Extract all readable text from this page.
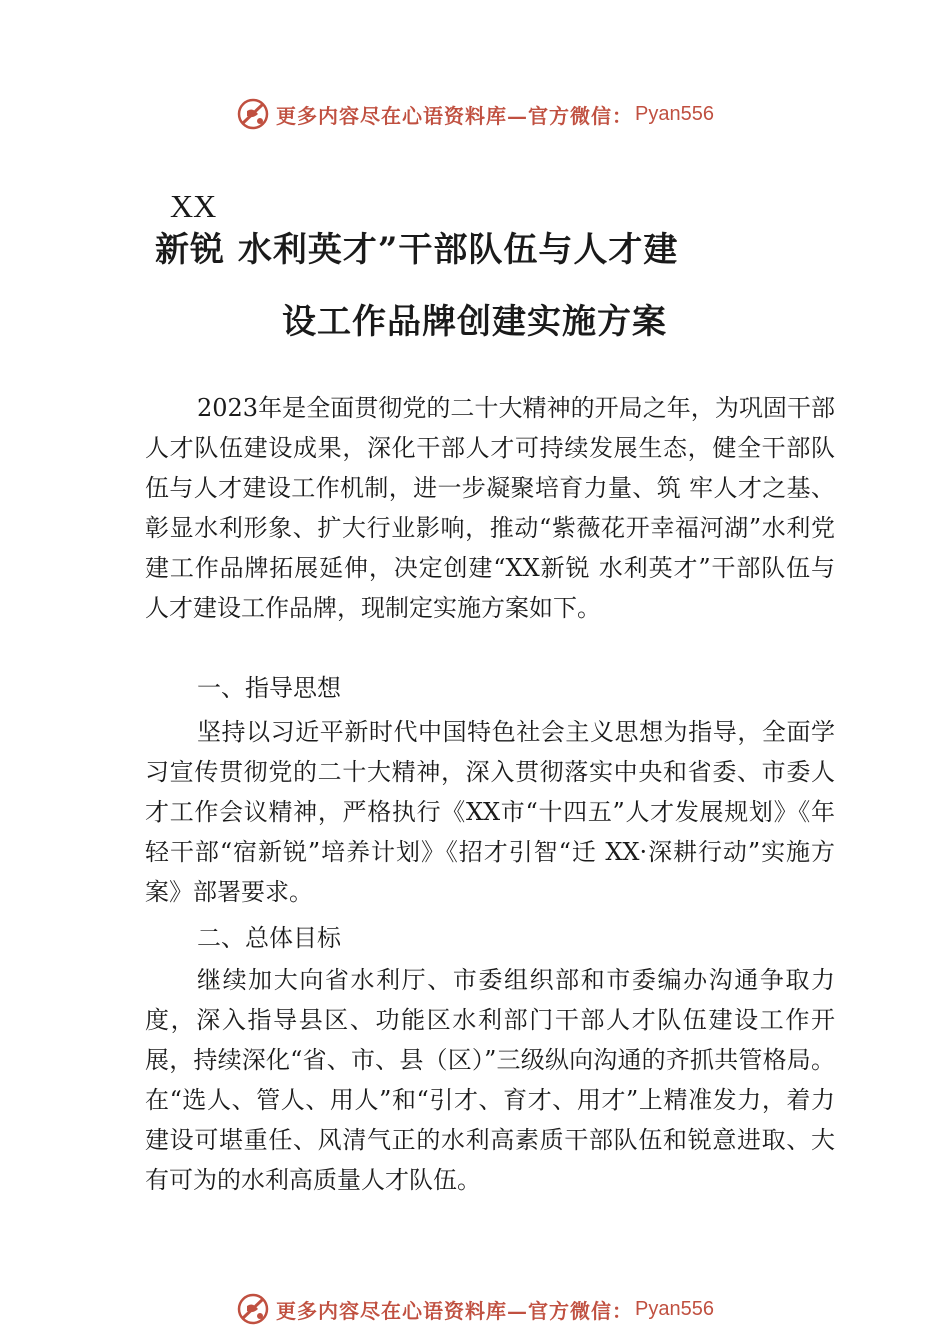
更多内容尽在心语资料库—官方微信： Pyan556
XX
新锐 水利英才”干部队伍与人才建
设工作品牌创建实施方案
2023年是全面贯彻党的二十大精神的开局之年，为巩固干部人才队伍建设成果，深化干部人才可持续发展生态，健全干部队伍与人才建设工作机制，进一步凝聚培育力量、筑 牢人才之基、彰显水利形象、扩大行业影响，推动“紫薇花开幸福河湖”水利党建工作品牌拓展延伸，决定创建“XX新锐 水利英才”干部队伍与人才建设工作品牌，现制定实施方案如下。
一、指导思想
坚持以习近平新时代中国特色社会主义思想为指导，全面学习宣传贯彻党的二十大精神，深入贯彻落实中央和省委、市委人才工作会议精神，严格执行《XX市“十四五”人才发展规划》《年轻干部“宿新锐”培养计划》《招才引智“迁 XX·深耕行动”实施方案》部署要求。
二、总体目标
继续加大向省水利厅、市委组织部和市委编办沟通争取力度，深入指导县区、功能区水利部门干部人才队伍建设工作开展，持续深化“省、市、县（区）”三级纵向沟通的齐抓共管格局。在“选人、管人、用人”和“引才、育才、用才”上精准发力，着力建设可堪重任、风清气正的水利高素质干部队伍和锐意进取、大有可为的水利高质量人才队伍。
更多内容尽在心语资料库—官方微信： Pyan556
